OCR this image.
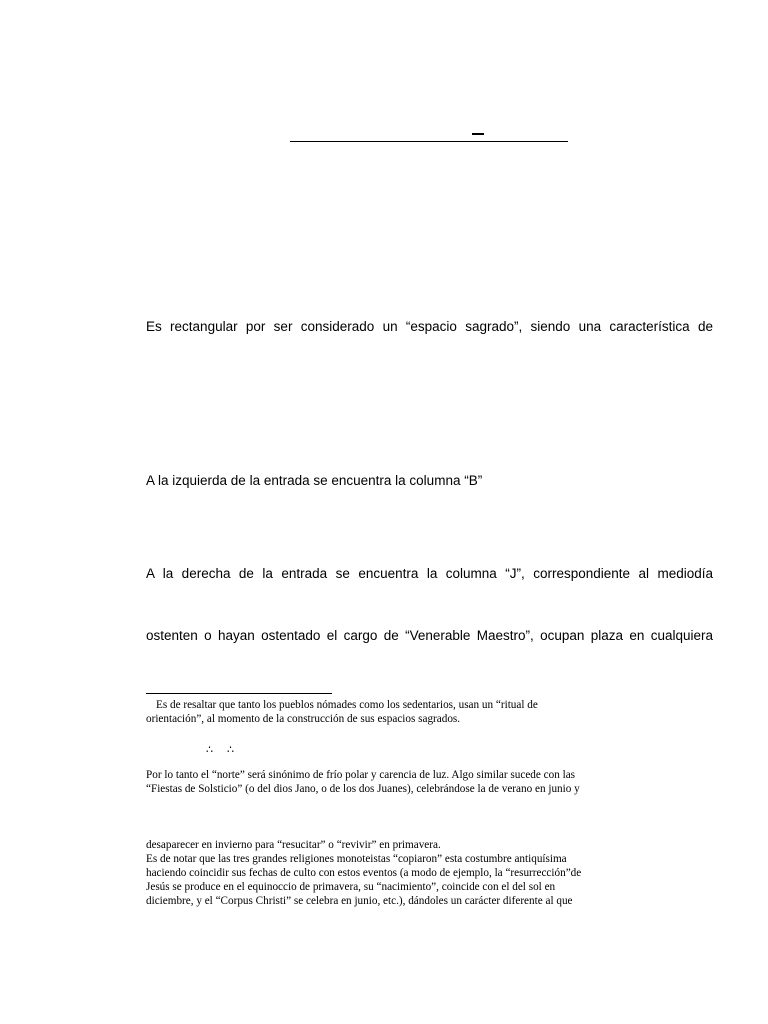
Es rectangular por ser considerado un “espacio sagrado”, siendo una característica de
A la izquierda de la entrada se encuentra la columna “B”
A la derecha de la entrada se encuentra la columna “J”, correspondiente al mediodía
ostenten o hayan ostentado el cargo de “Venerable Maestro”, ocupan plaza en cualquiera
Es de resaltar que tanto los pueblos nómades como los sedentarios, usan un “ritual de
orientación”, al momento de la construcción de sus espacios sagrados.
∴ ∴
Por lo tanto el “norte” será sinónimo de frío polar y carencia de luz. Algo similar sucede con las
“Fiestas de Solsticio” (o del dios Jano, o de los dos Juanes), celebrándose la de verano en junio y
desaparecer en invierno para “resucitar” o “revivir” en primavera.
Es de notar que las tres grandes religiones monoteistas “copiaron” esta costumbre antiquísima
haciendo coincidir sus fechas de culto con estos eventos (a modo de ejemplo, la “resurrección”de
Jesús se produce en el equinoccio de primavera, su “nacimiento”, coincide con el del sol en
diciembre, y el “Corpus Christi” se celebra en junio, etc.), dándoles un carácter diferente al que
